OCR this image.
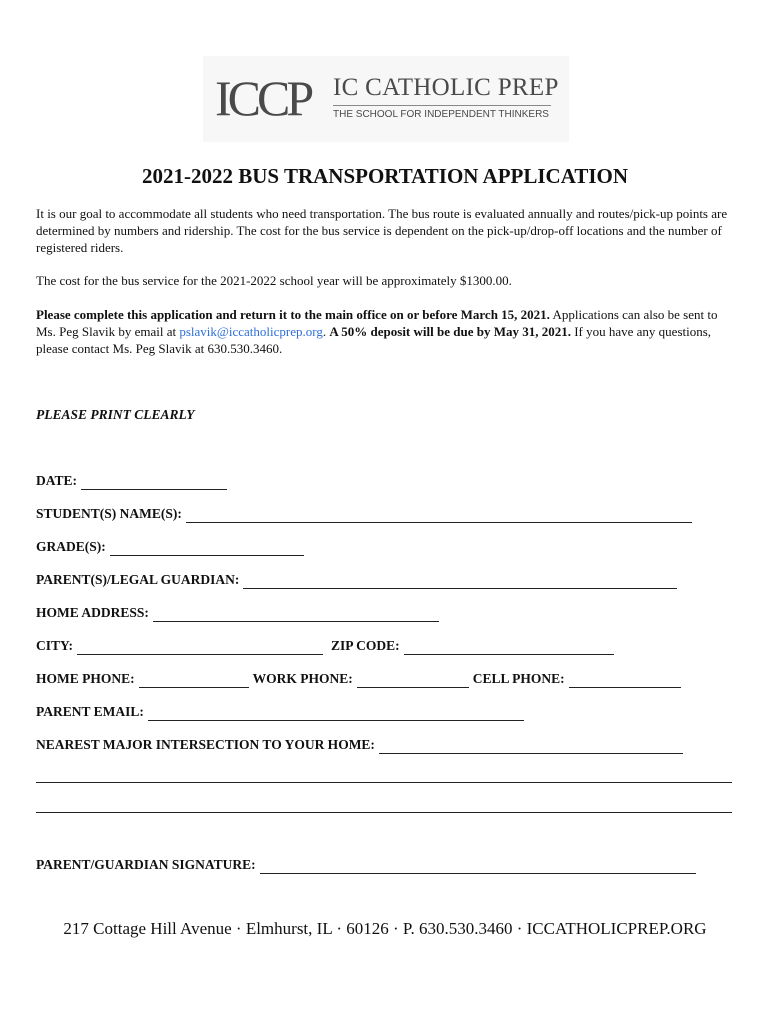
ICCP IC CATHOLIC PREP
THE SCHOOL FOR INDEPENDENT THINKERS
2021-2022 BUS TRANSPORTATION APPLICATION

It is our goal to accommodate all students who need transportation. The bus route is evaluated annually and routes/pick-up points are determined by numbers and ridership. The cost for the bus service is dependent on the pick-up/drop-off locations and the number of registered riders.

The cost for the bus service for the 2021-2022 school year will be approximately $1300.00.

Please complete this application and return it to the main office on or before March 15, 2021. Applications can also be sent to Ms. Peg Slavik by email at pslavik@iccatholicprep.org. A 50% deposit will be due by May 31, 2021. If you have any questions, please contact Ms. Peg Slavik at 630.530.3460.

PLEASE PRINT CLEARLY
DATE:
STUDENT(S) NAME(S):
GRADE(S):
PARENT(S)/LEGAL GUARDIAN:
HOME ADDRESS:
CITY:	ZIP CODE:
HOME PHONE:	WORK PHONE:	CELL PHONE:
PARENT EMAIL:
NEAREST MAJOR INTERSECTION TO YOUR HOME:
PARENT/GUARDIAN SIGNATURE:
217 Cottage Hill Avenue · Elmhurst, IL · 60126 · P. 630.530.3460 · ICCATHOLICPREP.ORG
